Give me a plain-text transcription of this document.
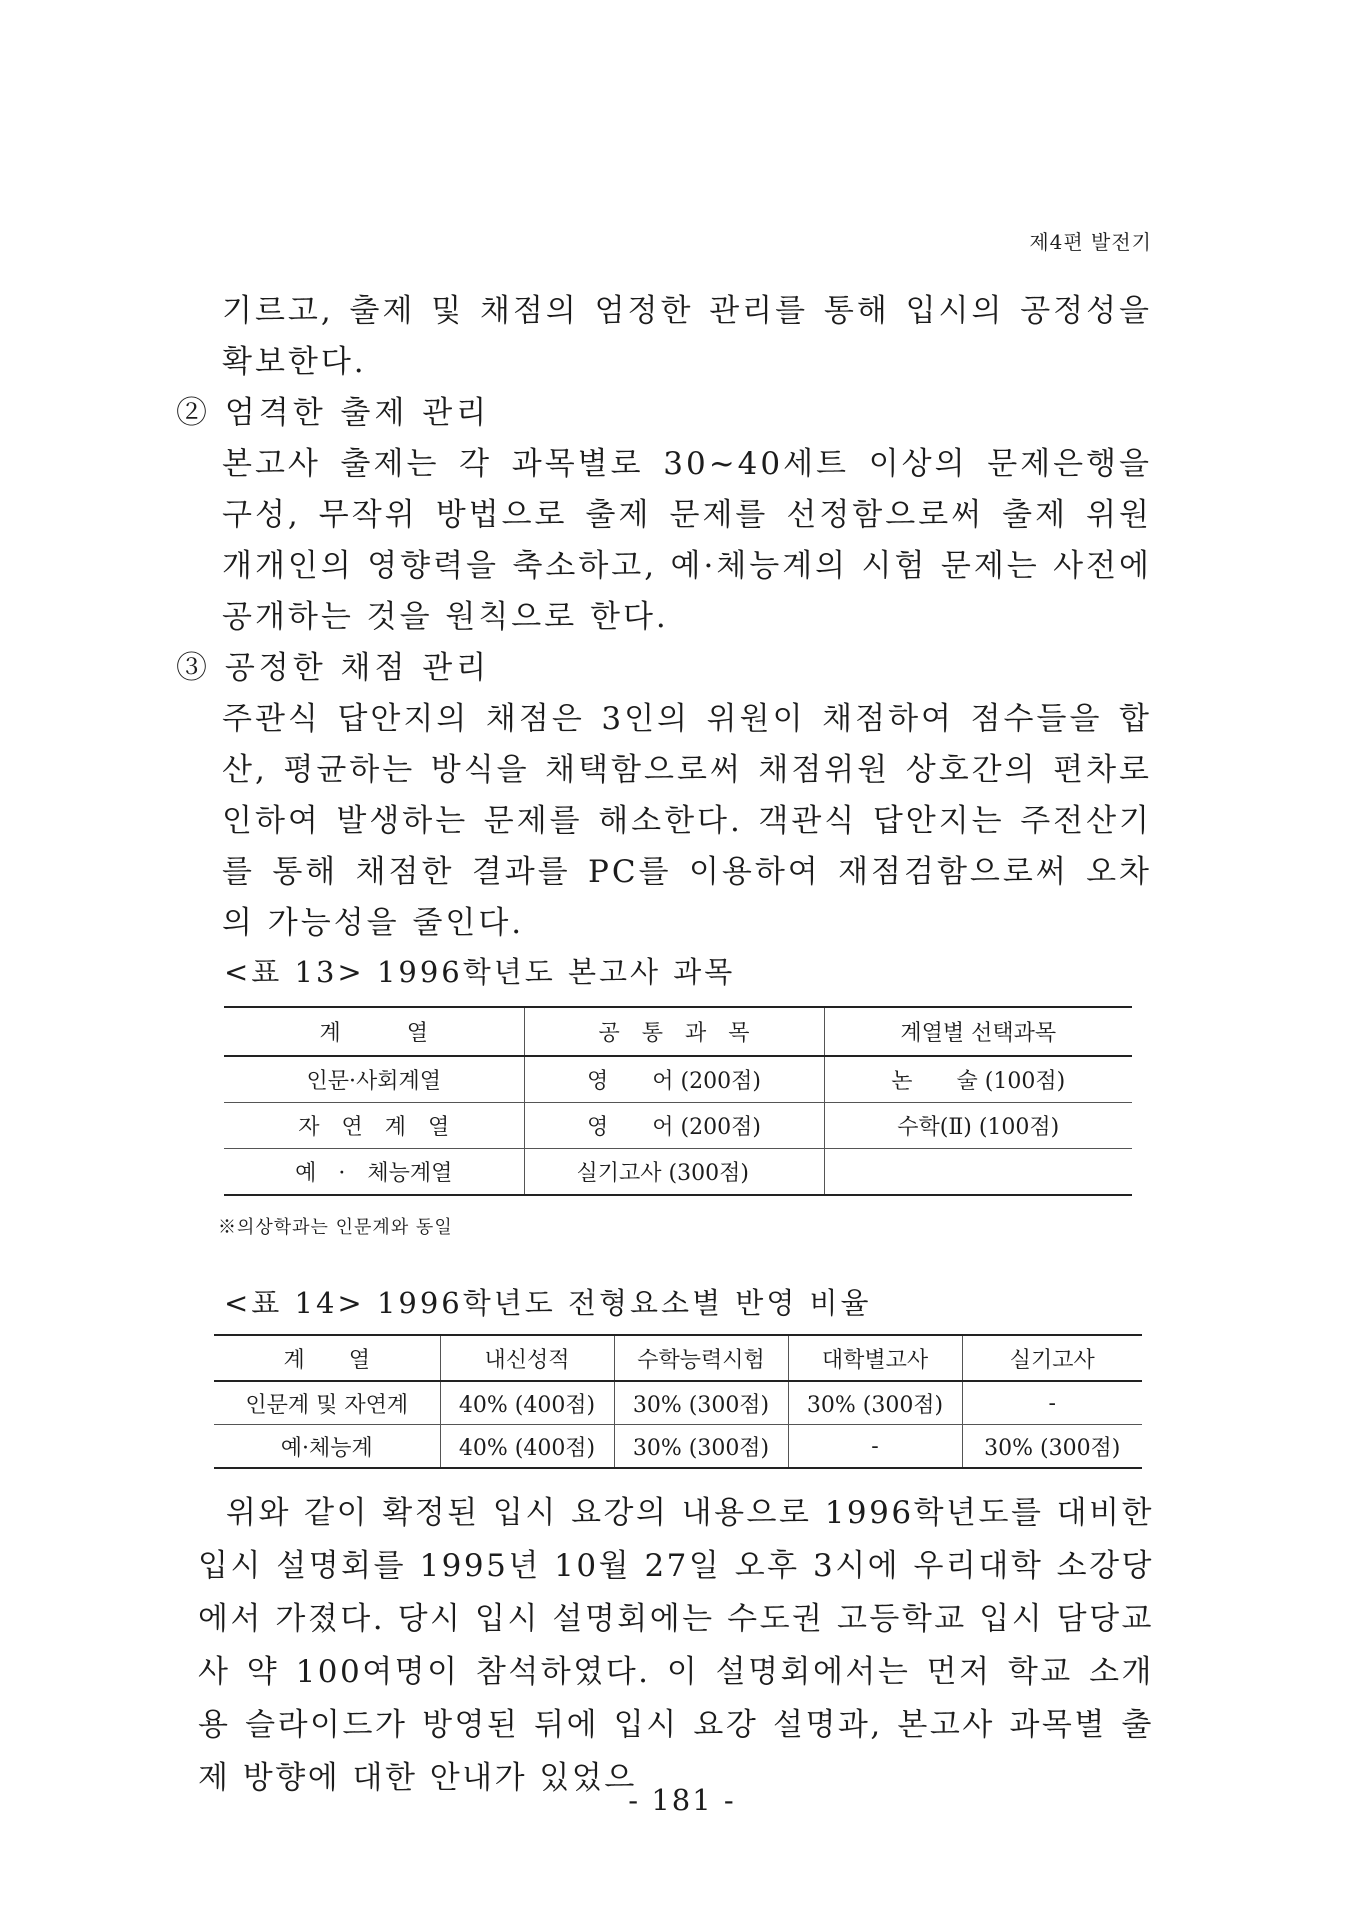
제4편 발전기

기르고, 출제 및 채점의 엄정한 관리를 통해 입시의 공정성을 확보한다.

② 엄격한 출제 관리

본고사 출제는 각 과목별로 30~40세트 이상의 문제은행을 구성, 무작위 방법으로 출제 문제를 선정함으로써 출제 위원 개개인의 영향력을 축소하고, 예·체능계의 시험 문제는 사전에 공개하는 것을 원칙으로 한다.

③ 공정한 채점 관리

주관식 답안지의 채점은 3인의 위원이 채점하여 점수들을 합산, 평균하는 방식을 채택함으로써 채점위원 상호간의 편차로 인하여 발생하는 문제를 해소한다. 객관식 답안지는 주전산기를 통해 채점한 결과를 PC를 이용하여 재점검함으로써 오차의 가능성을 줄인다.

<표 13> 1996학년도 본고사 과목
계　　　열	공　통　과　목	계열별 선택과목
인문·사회계열	영　　어 (200점)	논　　술 (100점)
자　연　계　열	영　　어 (200점)	수학(Ⅱ) (100점)
예　·　체능계열	실기고사 (300점)	
※의상학과는 인문계와 동일
<표 14> 1996학년도 전형요소별 반영 비율
계　　열	내신성적	수학능력시험	대학별고사	실기고사
인문계 및 자연계	40% (400점)	30% (300점)	30% (300점)	-
예·체능계	40% (400점)	30% (300점)	-	30% (300점)

위와 같이 확정된 입시 요강의 내용으로 1996학년도를 대비한 입시 설명회를 1995년 10월 27일 오후 3시에 우리대학 소강당에서 가졌다. 당시 입시 설명회에는 수도권 고등학교 입시 담당교사 약 100여명이 참석하였다. 이 설명회에서는 먼저 학교 소개용 슬라이드가 방영된 뒤에 입시 요강 설명과, 본고사 과목별 출제 방향에 대한 안내가 있었으

- 181 -
